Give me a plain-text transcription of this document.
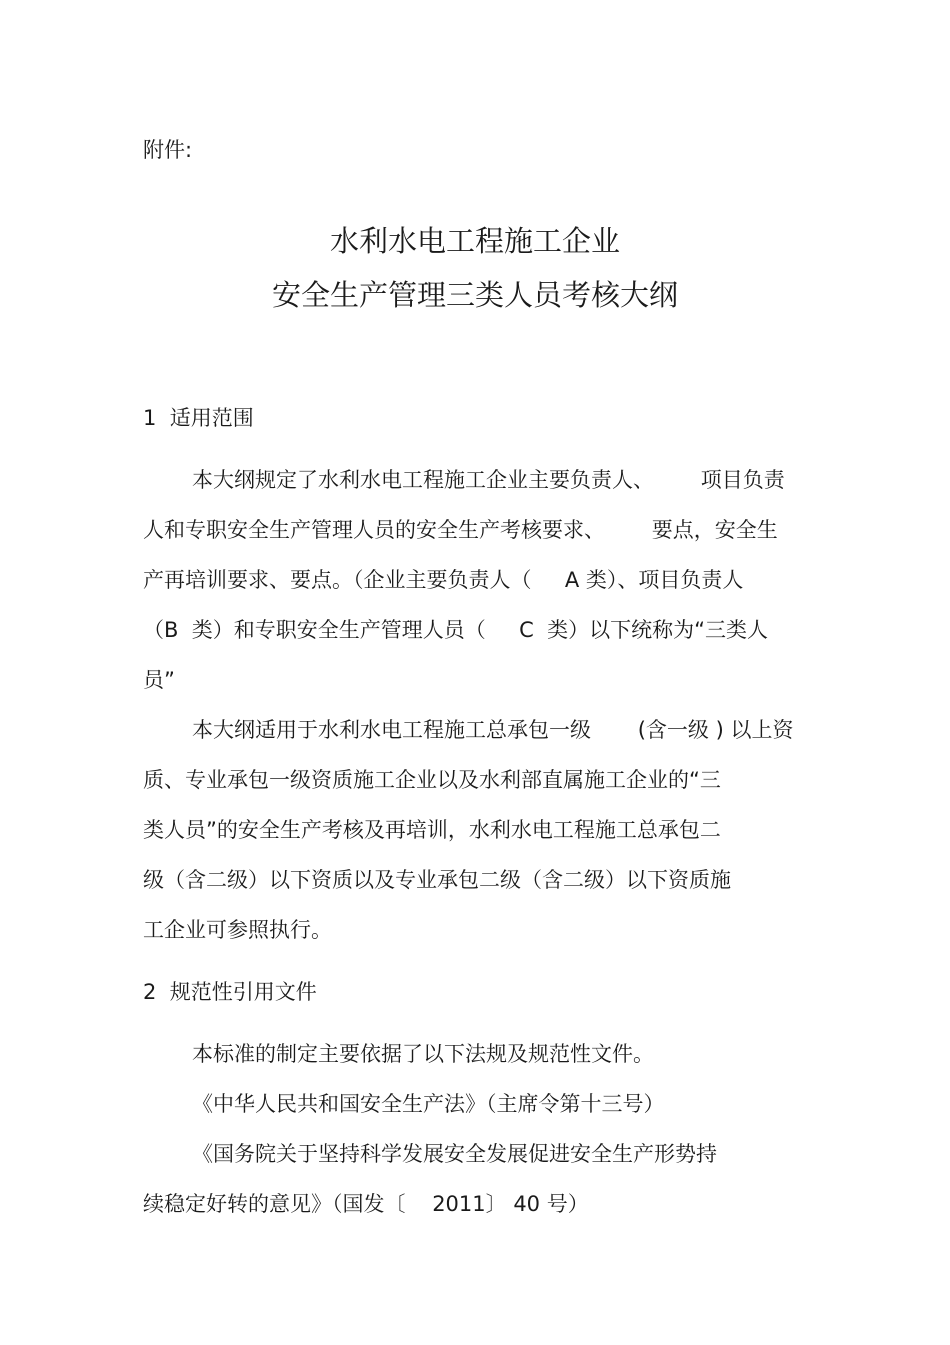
附件:
水利水电工程施工企业
安全生产管理三类人员考核大纲
1  适用范围
本大纲规定了水利水电工程施工企业主要负责人、       项目负责
人和专职安全生产管理人员的安全生产考核要求、       要点，安全生
产再培训要求、要点。（企业主要负责人（     A 类）、项目负责人
（B  类）和专职安全生产管理人员（     C  类）以下统称为“三类人
员”
本大纲适用于水利水电工程施工总承包一级       (含一级 ) 以上资
质、专业承包一级资质施工企业以及水利部直属施工企业的“三
类人员”的安全生产考核及再培训，水利水电工程施工总承包二
级（含二级）以下资质以及专业承包二级（含二级）以下资质施
工企业可参照执行。
2  规范性引用文件
本标准的制定主要依据了以下法规及规范性文件。
《中华人民共和国安全生产法》（主席令第十三号）
《国务院关于坚持科学发展安全发展促进安全生产形势持
续稳定好转的意见》（国发〔    2011〕 40 号）
